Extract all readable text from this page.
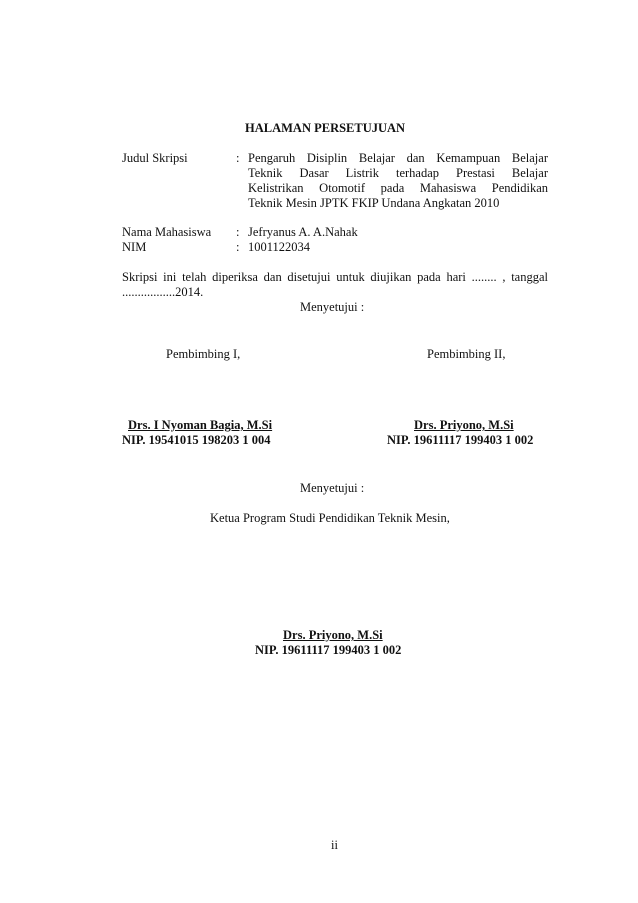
HALAMAN PERSETUJUAN
Judul Skripsi	: Pengaruh Disiplin Belajar dan Kemampuan Belajar
Teknik Dasar Listrik terhadap Prestasi Belajar
Kelistrikan Otomotif pada Mahasiswa Pendidikan
Teknik Mesin JPTK FKIP Undana Angkatan 2010
Nama Mahasiswa : Jefryanus A. A.Nahak
NIM	: 1001122034
Skripsi ini telah diperiksa dan disetujui untuk diujikan pada hari ........ , tanggal
.................2014.
Menyetujui :
Pembimbing I,	Pembimbing II,
Drs. I Nyoman Bagia, M.Si
NIP. 19541015 198203 1 004
Drs. Priyono, M.Si
NIP. 19611117 199403 1 002
Menyetujui :
Ketua Program Studi Pendidikan Teknik Mesin,
Drs. Priyono, M.Si
NIP. 19611117 199403 1 002
ii
